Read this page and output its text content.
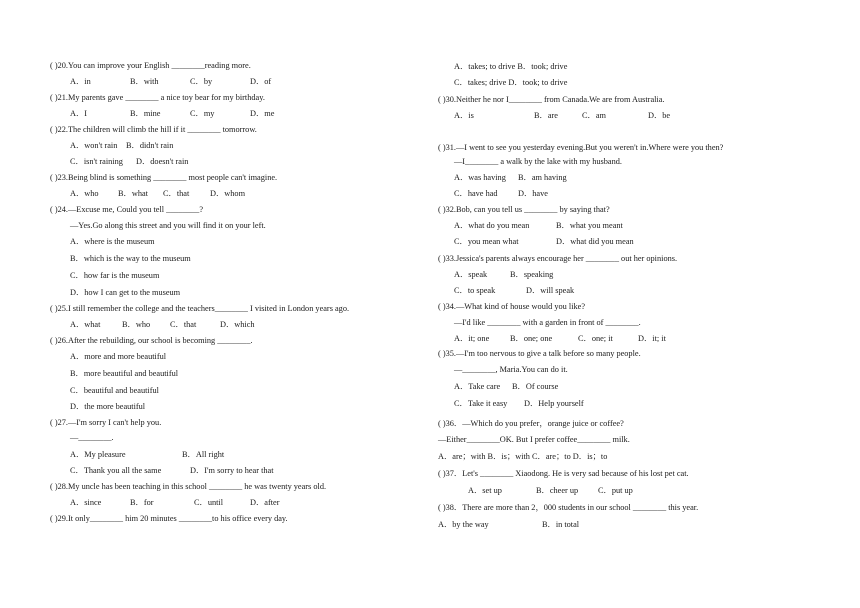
( )20.You can improve your English ________reading more.
A．in	B．with	C．by	D．of
( )21.My parents gave ________ a nice toy bear for my birthday.
A．I	B．mine	C．my	D．me
( )22.The children will climb the hill if it ________ tomorrow.
A．won't rain B．didn't rain
C．isn't raining D．doesn't rain
( )23.Being blind is something ________ most people can't imagine.
A．who B．what C．that D．whom
( )24.—Excuse me, Could you tell ________?
—Yes.Go along this street and you will find it on your left.
A．where is the museum
B．which is the way to the museum
C．how far is the museum
D．how I can get to the museum
( )25.I still remember the college and the teachers________ I visited in London years ago.
A．what	B．who C．that	D．which
( )26.After the rebuilding, our school is becoming ________.
A．more and more beautiful
B．more beautiful and beautiful
C．beautiful and beautiful
D．the more beautiful
( )27.—I'm sorry I can't help you.
—________.
A．My pleasure	B．All right
C．Thank you all the same	D．I'm sorry to hear that
( )28.My uncle has been teaching in this school ________ he was twenty years old.
A．since	B．for	C．until	D．after
( )29.It only________ him 20 minutes ________to his office every day.
A．takes; to drive B．took; drive
C．takes; drive D．took; to drive
( )30.Neither he nor I________ from Canada.We are from Australia.
A．is	B．are	C．am	D．be
( )31.—I went to see you yesterday evening.But you weren't in.Where were you then?
—I________ a walk by the lake with my husband.
A．was having B．am having
C．have had D．have
( )32.Bob, can you tell us ________ by saying that?
A．what do you mean	B．what you meant
C．you mean what	D．what did you mean
( )33.Jessica's parents always encourage her ________ out her opinions.
A．speak	B．speaking
C．to speak	D．will speak
( )34.—What kind of house would you like?
—I'd like ________ with a garden in front of ________.
A．it; one B．one; one	C．one; it	D．it; it
( )35.—I'm too nervous to give a talk before so many people.
—________, Maria.You can do it.
A．Take care B．Of course
C．Take it easy D．Help yourself
( )36．—Which do you prefer，orange juice or coffee?
—Either________OK. But I prefer coffee________ milk.
A．are；with B．is；with C．are；to D．is；to
( )37．Let's ________ Xiaodong. He is very sad because of his lost pet cat.
A．set up	B．cheer up C．put up
( )38．There are more than 2，000 students in our school ________ this year.
A．by the way	B．in total
